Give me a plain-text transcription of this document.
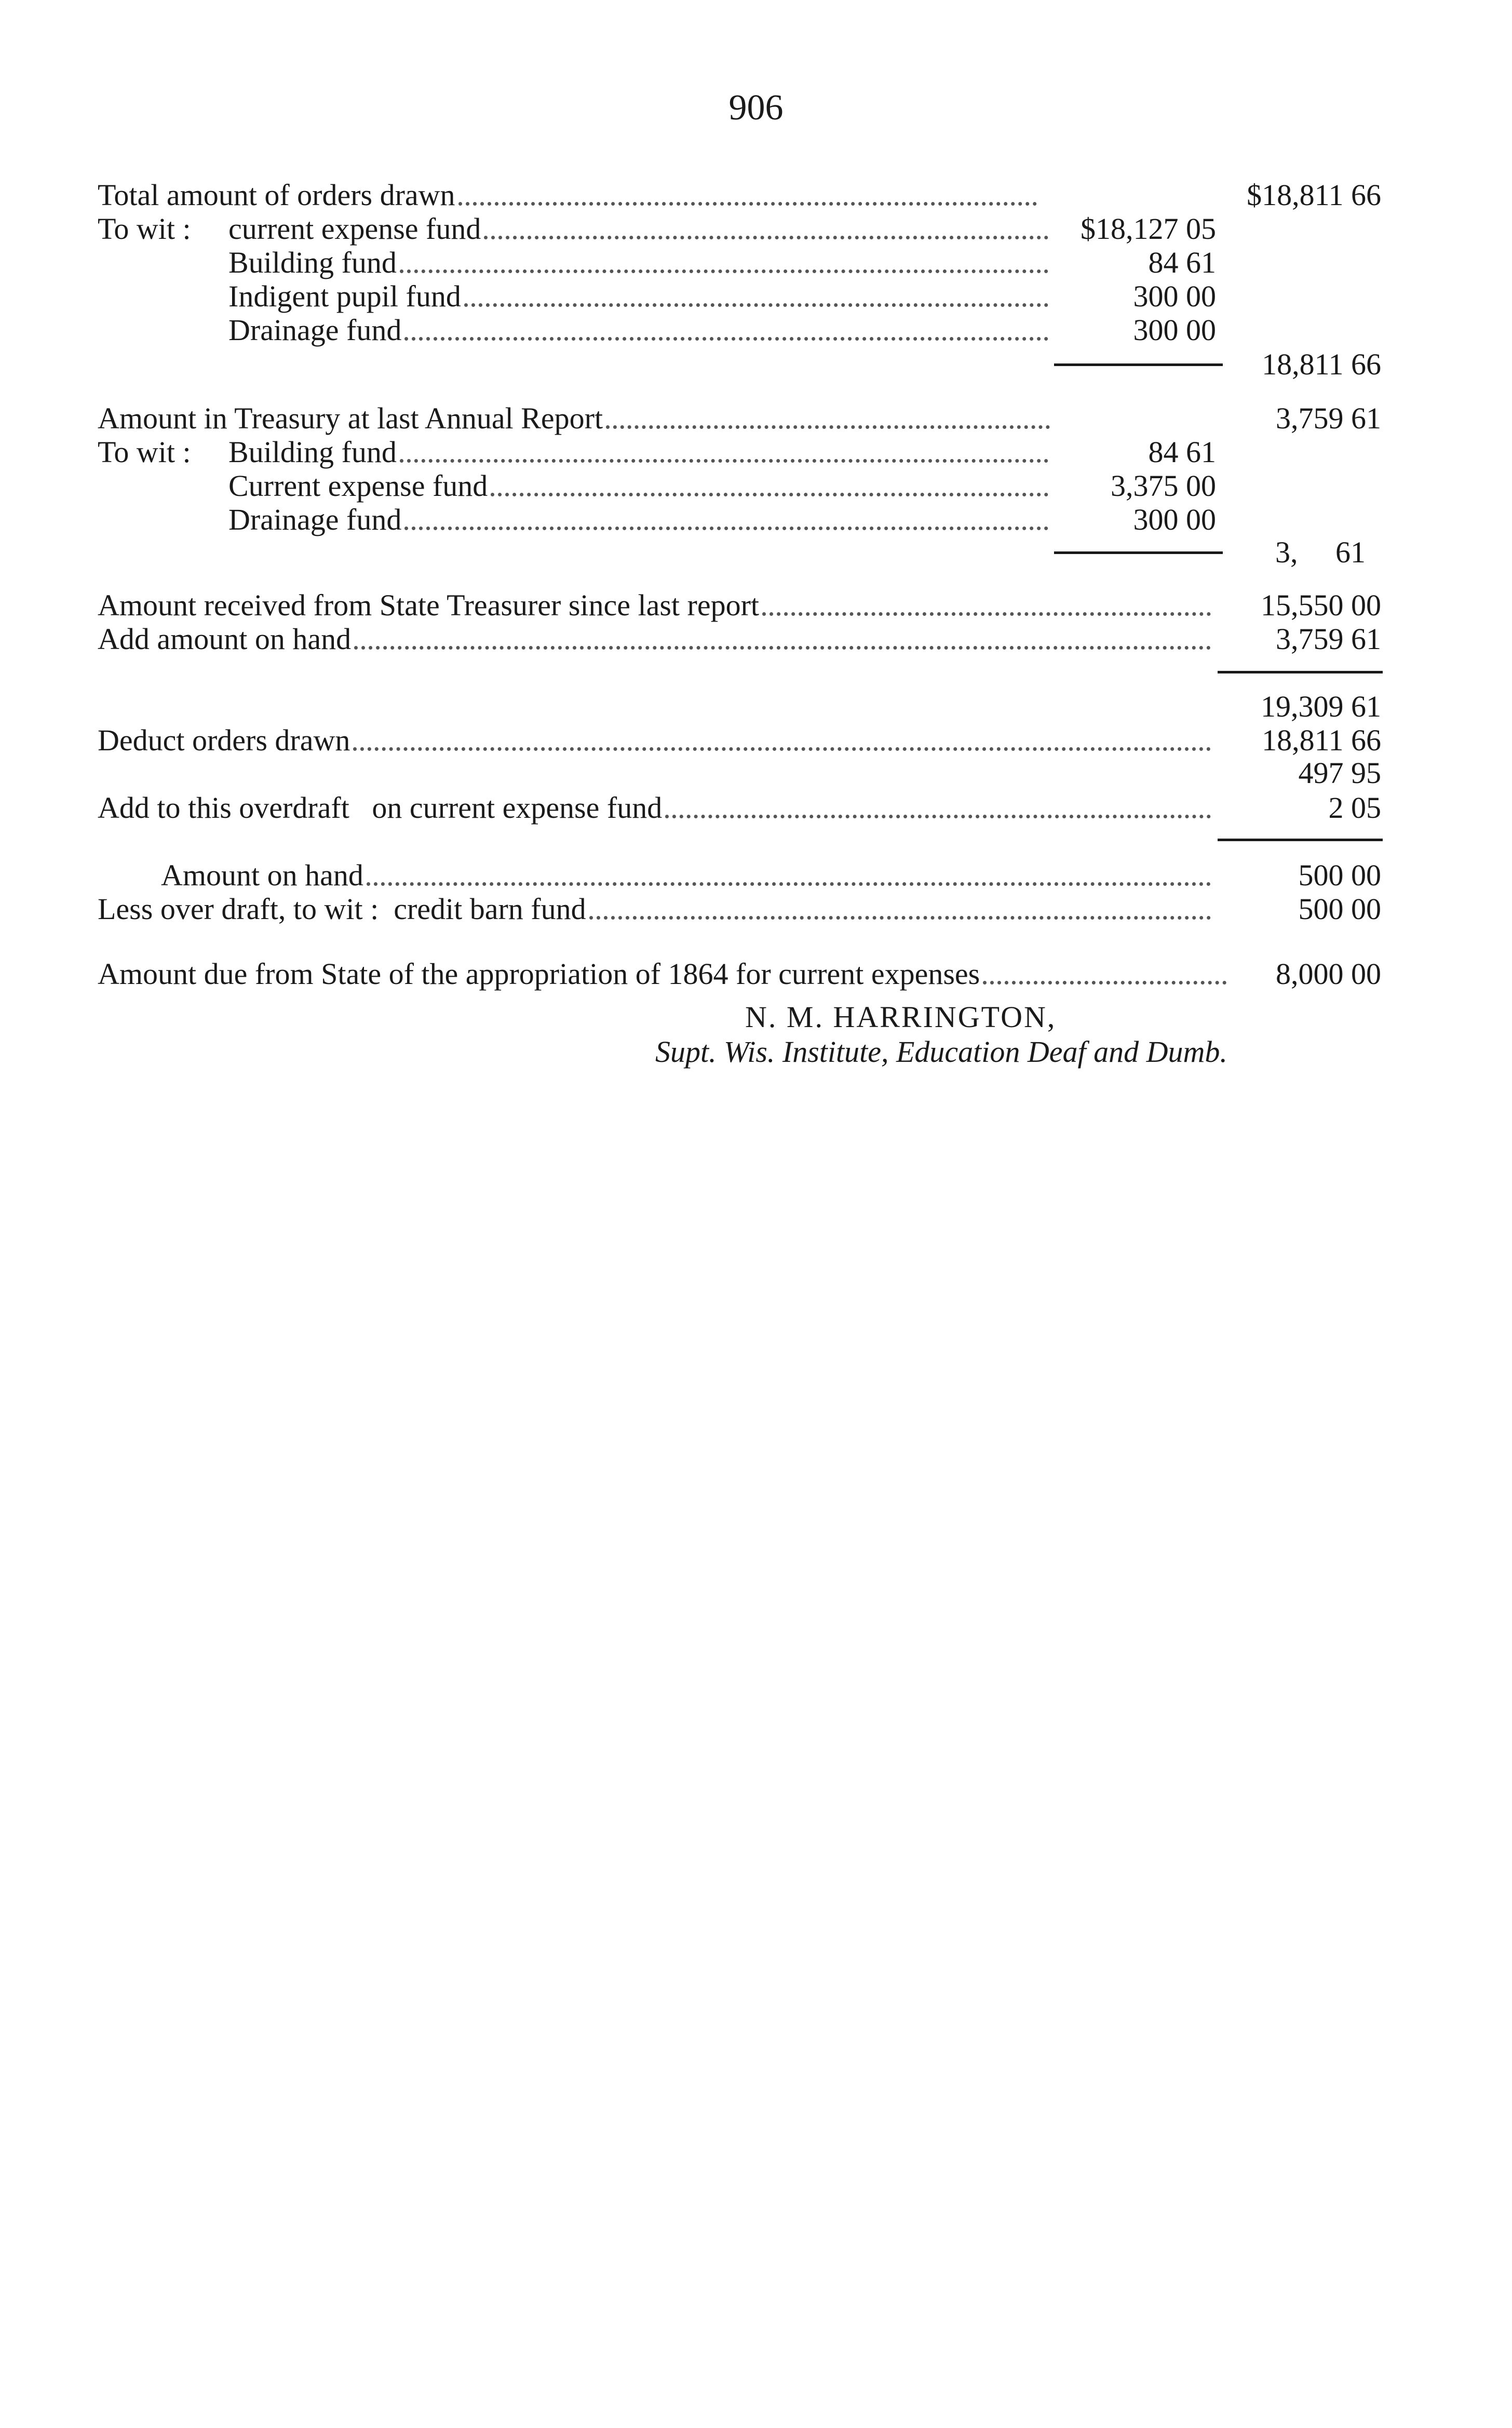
906
Total amount of orders drawn	$18,811 66
To wit : current expense fund	$18,127 05
Building fund	84 61
Indigent pupil fund	300 00
Drainage fund	300 00
18,811 66
Amount in Treasury at last Annual Report	3,759 61
To wit : Building fund	84 61
Current expense fund	3,375 00
Drainage fund	300 00
3,     61
Amount received from State Treasurer since last report	15,550 00
Add amount on hand	3,759 61
19,309 61
Deduct orders drawn	18,811 66
497 95
Add to this overdraft   on current expense fund	2 05
Amount on hand	500 00
Less over draft, to wit :  credit barn fund	500 00
Amount due from State of the appropriation of 1864 for current expenses	8,000 00
N. M. HARRINGTON,
Supt. Wis. Institute, Education Deaf and Dumb.
